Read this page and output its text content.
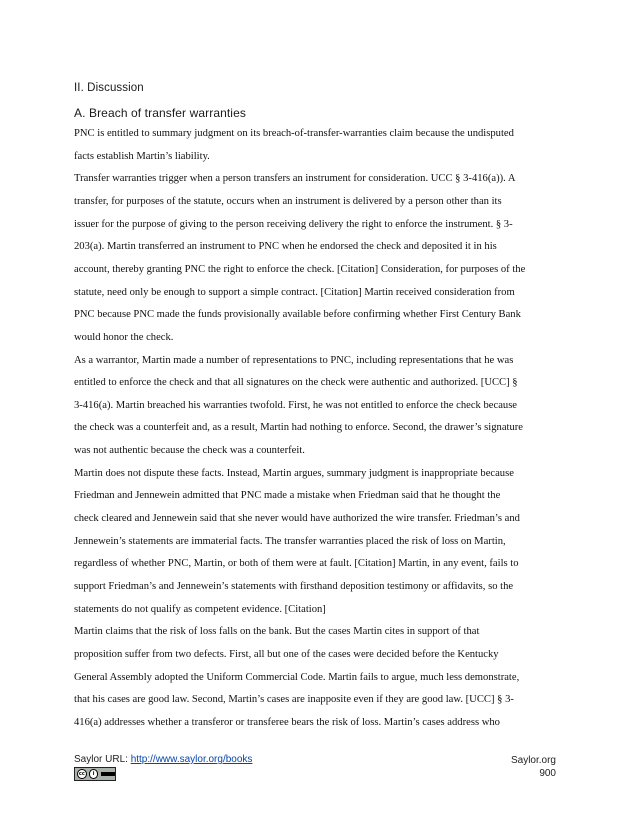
II. Discussion
A. Breach of transfer warranties
PNC is entitled to summary judgment on its breach-of-transfer-warranties claim because the undisputed
facts establish Martin’s liability.
Transfer warranties trigger when a person transfers an instrument for consideration. UCC § 3-416(a)). A
transfer, for purposes of the statute, occurs when an instrument is delivered by a person other than its
issuer for the purpose of giving to the person receiving delivery the right to enforce the instrument. § 3-
203(a). Martin transferred an instrument to PNC when he endorsed the check and deposited it in his
account, thereby granting PNC the right to enforce the check. [Citation] Consideration, for purposes of the
statute, need only be enough to support a simple contract. [Citation] Martin received consideration from
PNC because PNC made the funds provisionally available before confirming whether First Century Bank
would honor the check.
As a warrantor, Martin made a number of representations to PNC, including representations that he was
entitled to enforce the check and that all signatures on the check were authentic and authorized. [UCC] §
3-416(a). Martin breached his warranties twofold. First, he was not entitled to enforce the check because
the check was a counterfeit and, as a result, Martin had nothing to enforce. Second, the drawer’s signature
was not authentic because the check was a counterfeit.
Martin does not dispute these facts. Instead, Martin argues, summary judgment is inappropriate because
Friedman and Jennewein admitted that PNC made a mistake when Friedman said that he thought the
check cleared and Jennewein said that she never would have authorized the wire transfer. Friedman’s and
Jennewein’s statements are immaterial facts. The transfer warranties placed the risk of loss on Martin,
regardless of whether PNC, Martin, or both of them were at fault. [Citation] Martin, in any event, fails to
support Friedman’s and Jennewein’s statements with firsthand deposition testimony or affidavits, so the
statements do not qualify as competent evidence. [Citation]
Martin claims that the risk of loss falls on the bank. But the cases Martin cites in support of that
proposition suffer from two defects. First, all but one of the cases were decided before the Kentucky
General Assembly adopted the Uniform Commercial Code. Martin fails to argue, much less demonstrate,
that his cases are good law. Second, Martin’s cases are inapposite even if they are good law. [UCC] § 3-
416(a) addresses whether a transferor or transferee bears the risk of loss. Martin’s cases address who
Saylor URL: http://www.saylor.org/books
cc	i
Saylor.org
900
